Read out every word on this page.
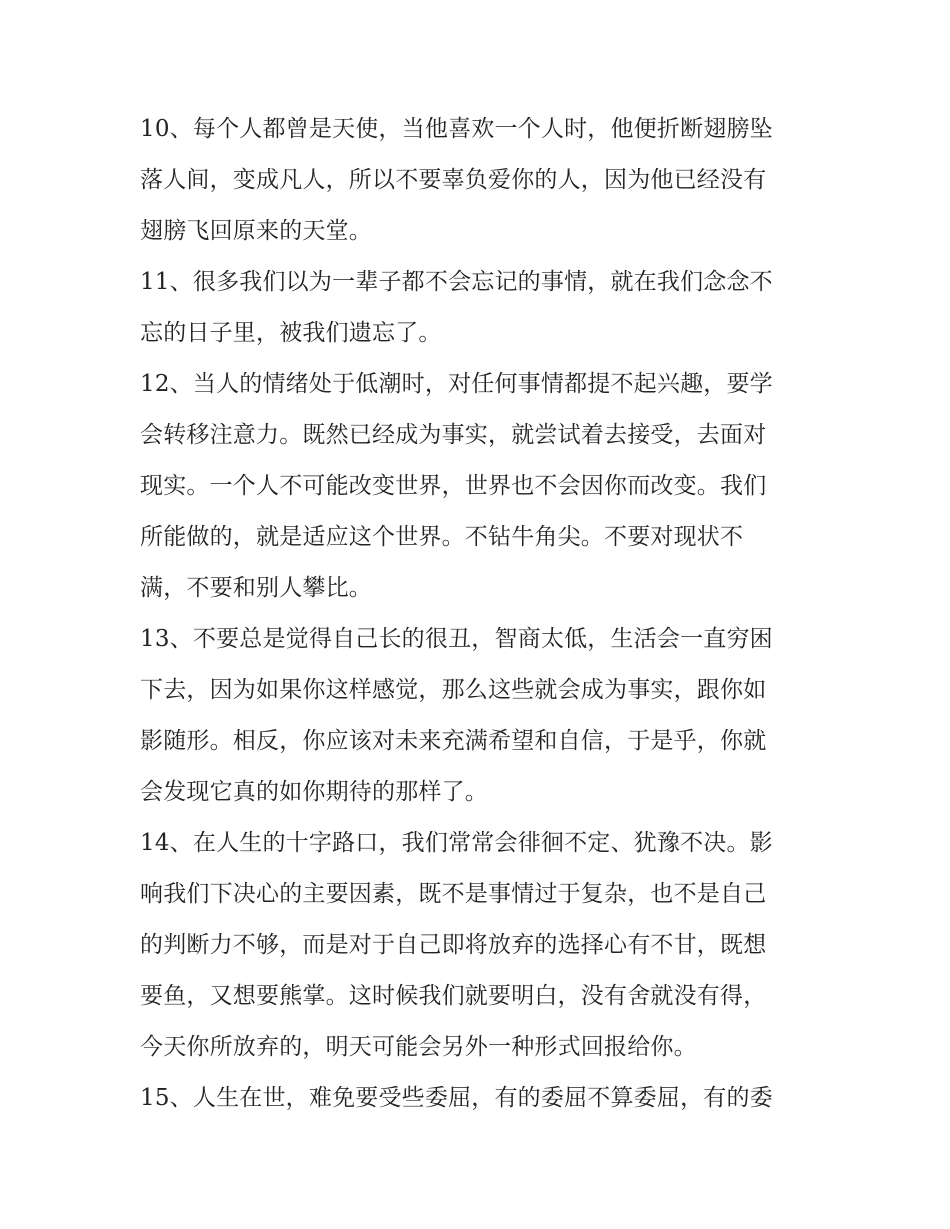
10、每个人都曾是天使，当他喜欢一个人时，他便折断翅膀坠
落人间，变成凡人，所以不要辜负爱你的人，因为他已经没有
翅膀飞回原来的天堂。
11、很多我们以为一辈子都不会忘记的事情，就在我们念念不
忘的日子里，被我们遗忘了。
12、当人的情绪处于低潮时，对任何事情都提不起兴趣，要学
会转移注意力。既然已经成为事实，就尝试着去接受，去面对
现实。一个人不可能改变世界，世界也不会因你而改变。我们
所能做的，就是适应这个世界。不钻牛角尖。不要对现状不
满，不要和别人攀比。
13、不要总是觉得自己长的很丑，智商太低，生活会一直穷困
下去，因为如果你这样感觉，那么这些就会成为事实，跟你如
影随形。相反，你应该对未来充满希望和自信，于是乎，你就
会发现它真的如你期待的那样了。
14、在人生的十字路口，我们常常会徘徊不定、犹豫不决。影
响我们下决心的主要因素，既不是事情过于复杂，也不是自己
的判断力不够，而是对于自己即将放弃的选择心有不甘，既想
要鱼，又想要熊掌。这时候我们就要明白，没有舍就没有得，
今天你所放弃的，明天可能会另外一种形式回报给你。
15、人生在世，难免要受些委屈，有的委屈不算委屈，有的委
